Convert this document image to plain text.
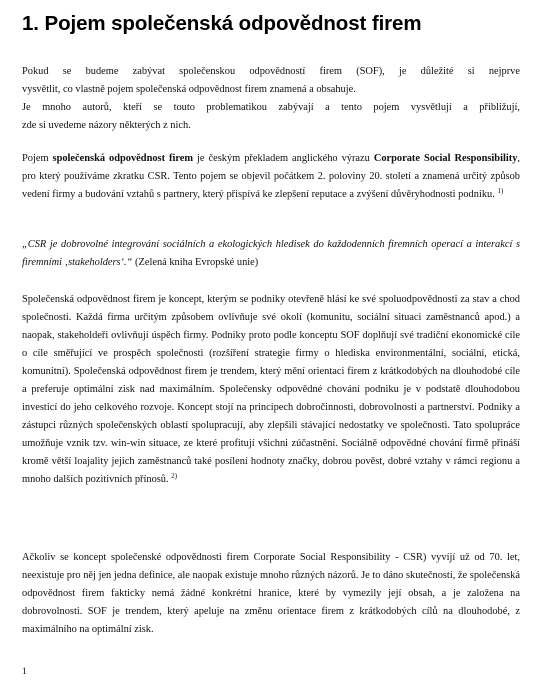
1. Pojem společenská odpovědnost firem
Pokud se budeme zabývat společenskou odpovědností firem (SOF), je důležité si nejprve
vysvětlit, co vlastně pojem společenská odpovědnost firem znamená a obsahuje.
Je mnoho autorů, kteří se touto problematikou zabývají a tento pojem vysvětlují a přibližují,
zde si uvedeme názory některých z nich.

Pojem společenská odpovědnost firem je českým překladem anglického výrazu Corporate Social Responsibility, pro který používáme zkratku CSR. Tento pojem se objevil počátkem 2. poloviny 20. století a znamená určitý způsob vedení firmy a budování vztahů s partnery, který přispívá ke zlepšení reputace a zvýšení důvěryhodnosti podniku. $^{1)}$

„CSR je dobrovolné integrování sociálních a ekologických hledisek do každodenních firemních operací a interakcí s firemními ‚stakeholders‘.“ (Zelená kniha Evropské unie)

Společenská odpovědnost firem je koncept, kterým se podniky otevřeně hlásí ke své spoluodpovědnosti za stav a chod společnosti. Každá firma určitým způsobem ovlivňuje své okolí (komunitu, sociální situaci zaměstnanců apod.) a naopak, stakeholdeři ovlivňují úspěch firmy. Podniky proto podle konceptu SOF doplňují své tradiční ekonomické cíle o cíle směřující ve prospěch společnosti (rozšíření strategie firmy o hlediska environmentální, sociální, etická, komunitní). Společenská odpovědnost firem je trendem, který mění orientaci firem z krátkodobých na dlouhodobé cíle a preferuje optimální zisk nad maximálním. Společensky odpovědné chování podniku je v podstatě dlouhodobou investicí do jeho celkového rozvoje. Koncept stojí na principech dobročinnosti, dobrovolnosti a partnerství. Podniky a zástupci různých společenských oblastí spolupracují, aby zlepšili stávající nedostatky ve společnosti. Tato spolupráce umožňuje vznik tzv. win-win situace, ze které profitují všichni zúčastnění. Sociálně odpovědné chování firmě přináší kromě větší loajality jejich zaměstnanců také posílení hodnoty značky, dobrou pověst, dobré vztahy v rámci regionu a mnoho dalších pozitivních přínosů. $^{2)}$

Ačkoliv se koncept společenské odpovědnosti firem Corporate Social Responsibility - CSR) vyvíjí už od 70. let, neexistuje pro něj jen jedna definice, ale naopak existuje mnoho různých názorů. Je to dáno skutečností, že společenská odpovědnost firem fakticky nemá žádné konkrétní hranice, které by vymezily její obsah, a je založena na dobrovolnosti. SOF je trendem, který apeluje na změnu orientace firem z krátkodobých cílů na dlouhodobé, z maximálního na optimální zisk.

1
